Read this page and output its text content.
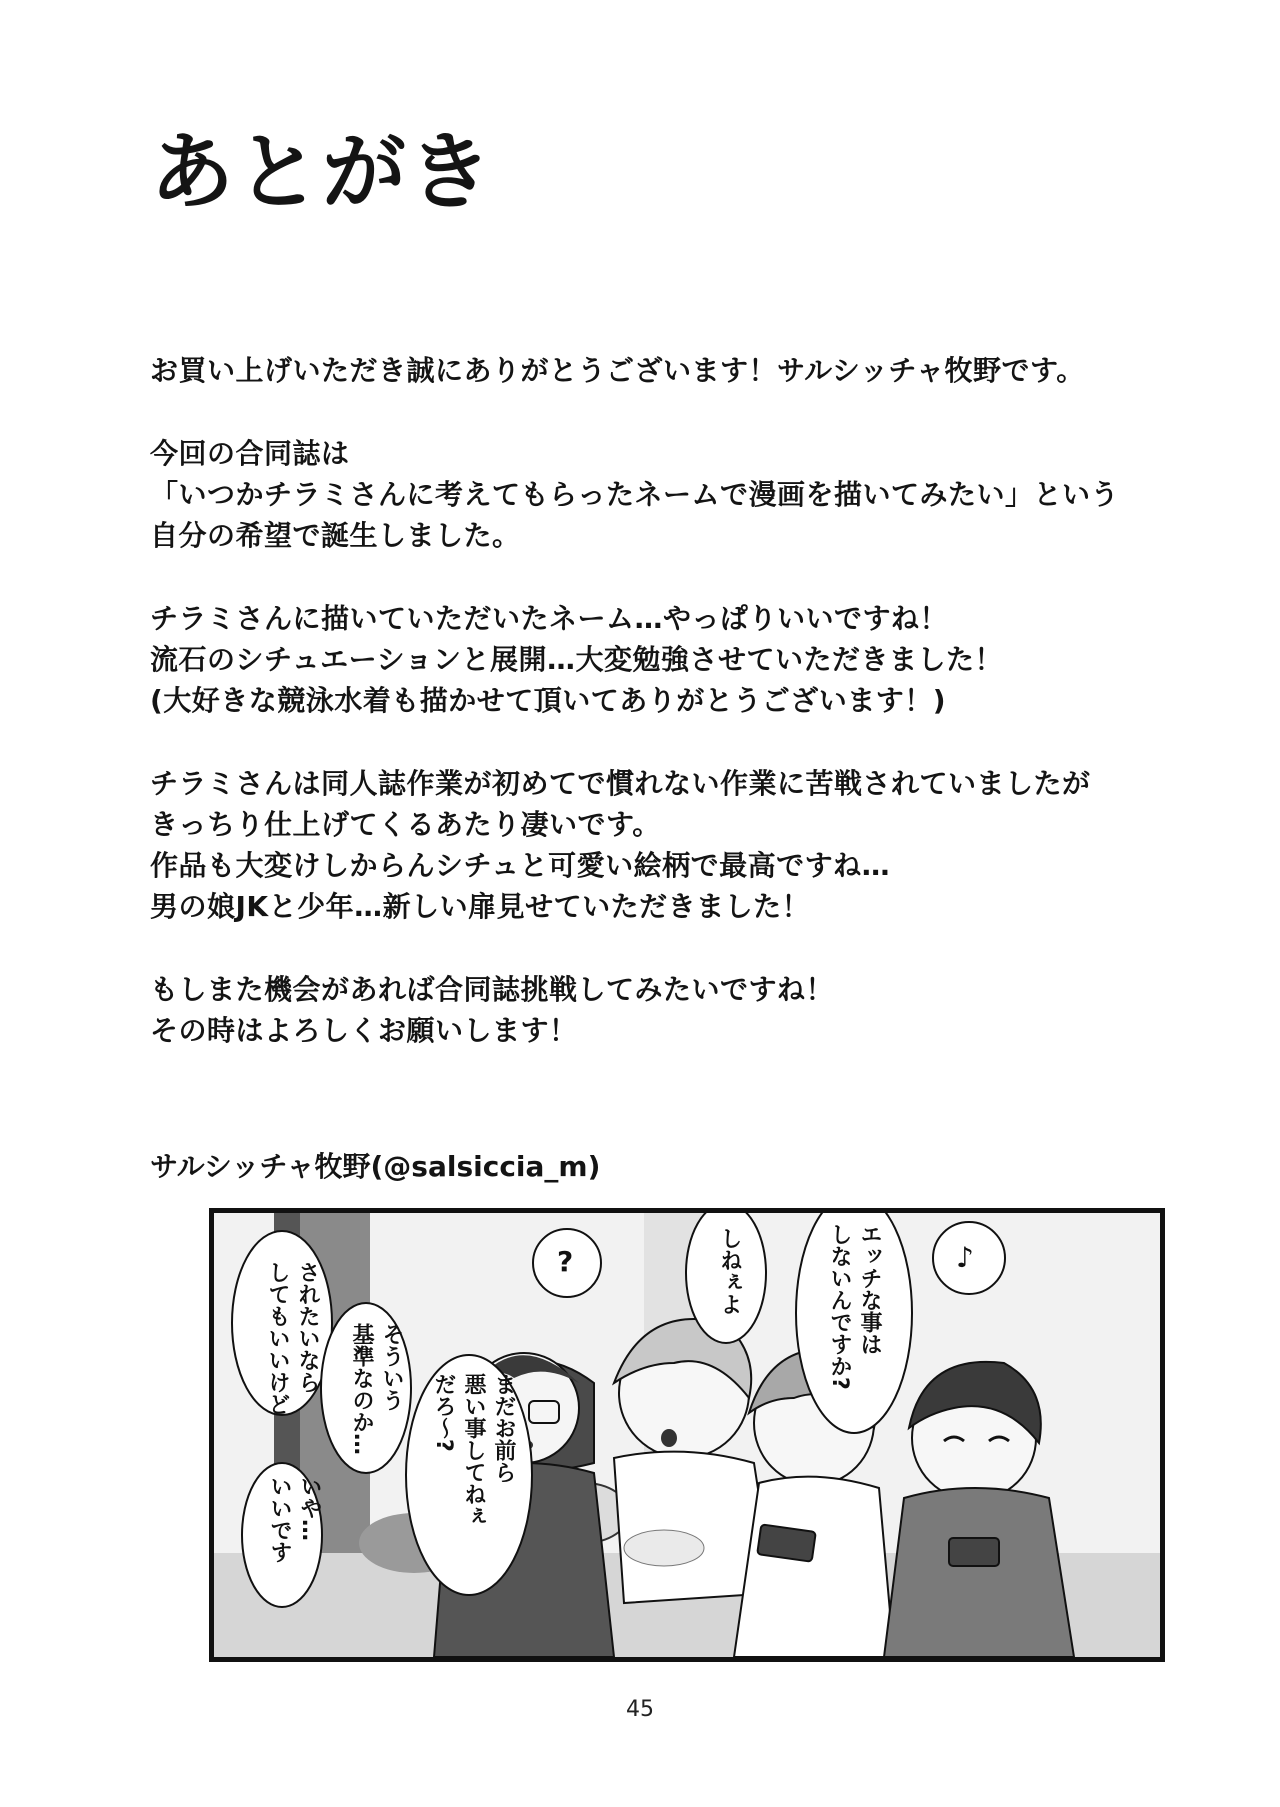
あとがき
お買い上げいただき誠にありがとうございます！サルシッチャ牧野です。
今回の合同誌は
「いつかチラミさんに考えてもらったネームで漫画を描いてみたい」という
自分の希望で誕生しました。
チラミさんに描いていただいたネーム…やっぱりいいですね！
流石のシチュエーションと展開…大変勉強させていただきました！
(大好きな競泳水着も描かせて頂いてありがとうございます！)
チラミさんは同人誌作業が初めてで慣れない作業に苦戦されていましたが
きっちり仕上げてくるあたり凄いです。
作品も大変けしからんシチュと可愛い絵柄で最高ですね…
男の娘JKと少年…新しい扉見せていただきました！
もしまた機会があれば合同誌挑戦してみたいですね！
その時はよろしくお願いします！
サルシッチャ牧野(@salsiccia_m)
されたいなら
してもいいけど
いや…
いいです
そういう
基準なのか…
?
まだお前ら
悪い事してねぇ
だろ〜?
しねぇよ	エッチな事は
しないんですか?	♪
45
